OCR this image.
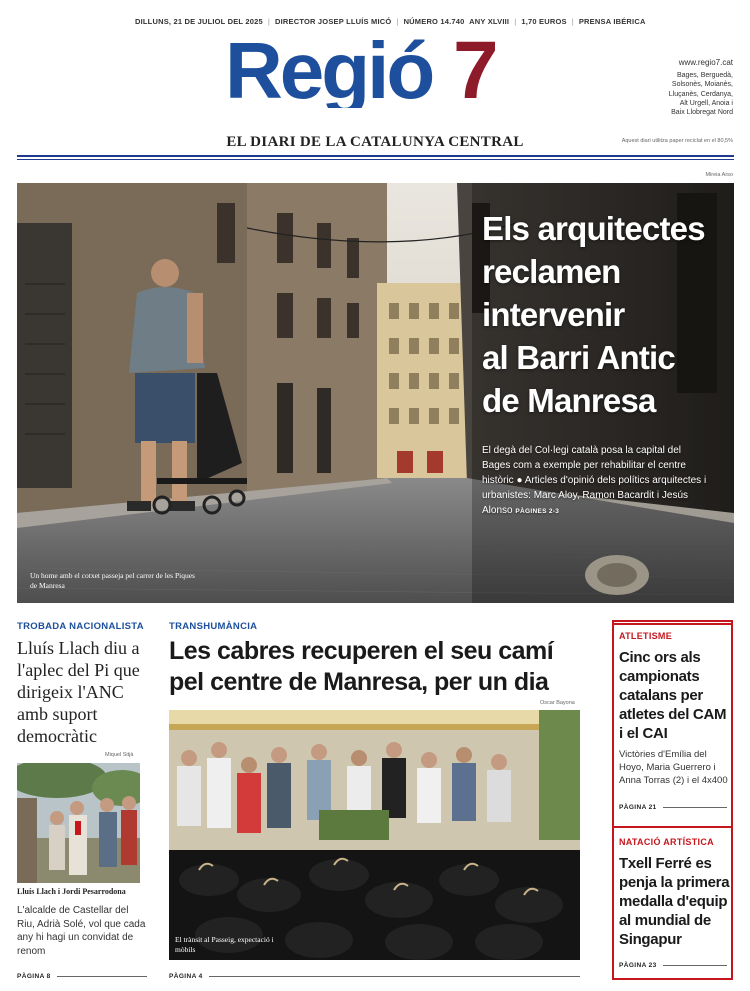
DILLUNS, 21 DE JULIOL DEL 2025 | DIRECTOR JOSEP LLUÍS MICÓ | NÚMERO 14.740 ANY XLVIII | 1,70 EUROS | PRENSA IBÉRICA
Regió 7	www.regio7.cat
Bages, Berguedà,
Solsonès, Moianès,
Lluçanès, Cerdanya,
Alt Urgell, Anoia i
Baix Llobregat Nord
EL DIARI DE LA CATALUNYA CENTRAL	Aquest diari utilitza paper reciclat en el 80,5%
Mireia Arso
Els arquitectes
reclamen
intervenir
al Barri Antic
de Manresa
El degà del Col·legi català posa la capital del Bages com a exemple per rehabilitar el centre històric ● Articles d'opinió dels polítics arquitectes i urbanistes: Marc Aloy, Ramon Bacardit i Jesús Alonso PÀGINES 2-3
Un home amb el cotxet passeja pel carrer de les Piques de Manresa
TROBADA NACIONALISTA
Lluís Llach diu a l'aplec del Pi que dirigeix l'ANC amb suport democràtic
Miquel Sitjà
Lluís Llach i Jordi Pesarrodona
L'alcalde de Castellar del Riu, Adrià Solé, vol que cada any hi hagi un convidat de renom
PÀGINA 8
TRANSHUMÀNCIA
Les cabres recuperen el seu camí
pel centre de Manresa, per un dia
Oscar Bayona
El trànsit al Passeig, expectació i mòbils
PÀGINA 4
ATLETISME
Cinc ors als campionats catalans per atletes del CAM i el CAI
Victòries d'Emília del Hoyo, Maria Guerrero i Anna Torras (2) i el 4x400
PÀGINA 21
NATACIÓ ARTÍSTICA
Txell Ferré es penja la primera medalla d'equip al mundial de Singapur
PÀGINA 23
